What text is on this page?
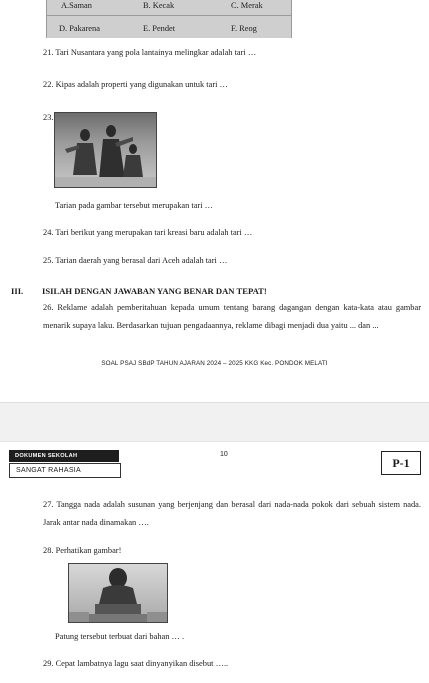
A.Saman	B. Kecak	C. Merak
D. Pakarena	E. Pendet	F. Reog
21. Tari Nusantara yang pola lantainya melingkar adalah tari …
22. Kipas adalah properti yang digunakan untuk tari …
23.
Tarian pada gambar tersebut merupakan tari …
24. Tari berikut yang merupakan tari kreasi baru adalah tari …
25. Tarian daerah yang berasal dari Aceh adalah tari …
III. ISILAH DENGAN JAWABAN YANG BENAR DAN TEPAT!
26. Reklame adalah pemberitahuan kepada umum tentang barang dagangan dengan kata-kata atau gambar menarik supaya laku. Berdasarkan tujuan pengadaannya, reklame dibagi menjadi dua yaitu ... dan ...
SOAL PSAJ SBdP TAHUN AJARAN 2024 – 2025 KKG Kec. PONDOK MELATI
DOKUMEN SEKOLAH
SANGAT RAHASIA
10
P-1
27. Tangga nada adalah susunan yang berjenjang dan berasal dari nada-nada pokok dari sebuah sistem nada. Jarak antar nada dinamakan ….
28. Perhatikan gambar!
Patung tersebut terbuat dari bahan … .
29. Cepat lambatnya lagu saat dinyanyikan disebut …..
